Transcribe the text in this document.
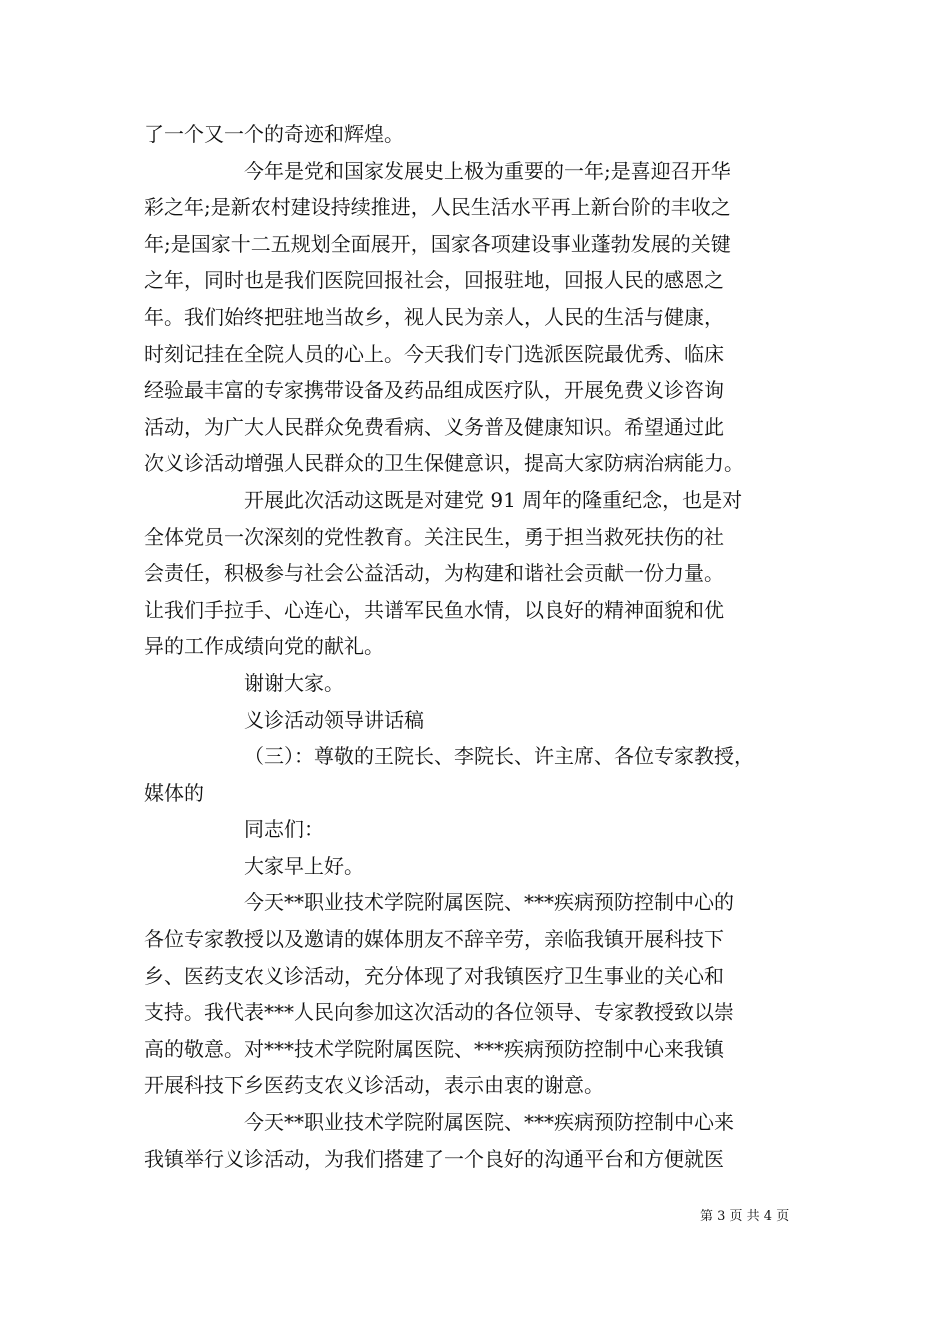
了一个又一个的奇迹和辉煌。
今年是党和国家发展史上极为重要的一年;是喜迎召开华
彩之年;是新农村建设持续推进，人民生活水平再上新台阶的丰收之
年;是国家十二五规划全面展开，国家各项建设事业蓬勃发展的关键
之年，同时也是我们医院回报社会，回报驻地，回报人民的感恩之
年。我们始终把驻地当故乡，视人民为亲人，人民的生活与健康，
时刻记挂在全院人员的心上。今天我们专门选派医院最优秀、临床
经验最丰富的专家携带设备及药品组成医疗队，开展免费义诊咨询
活动，为广大人民群众免费看病、义务普及健康知识。希望通过此
次义诊活动增强人民群众的卫生保健意识，提高大家防病治病能力。
开展此次活动这既是对建党 91 周年的隆重纪念，也是对
全体党员一次深刻的党性教育。关注民生，勇于担当救死扶伤的社
会责任，积极参与社会公益活动，为构建和谐社会贡献一份力量。
让我们手拉手、心连心，共谱军民鱼水情，以良好的精神面貌和优
异的工作成绩向党的献礼。
谢谢大家。
义诊活动领导讲话稿
（三）：尊敬的王院长、李院长、许主席、各位专家教授，
媒体的
同志们：
大家早上好。
今天**职业技术学院附属医院、***疾病预防控制中心的
各位专家教授以及邀请的媒体朋友不辞辛劳，亲临我镇开展科技下
乡、医药支农义诊活动，充分体现了对我镇医疗卫生事业的关心和
支持。我代表***人民向参加这次活动的各位领导、专家教授致以崇
高的敬意。对***技术学院附属医院、***疾病预防控制中心来我镇
开展科技下乡医药支农义诊活动，表示由衷的谢意。
今天**职业技术学院附属医院、***疾病预防控制中心来
我镇举行义诊活动，为我们搭建了一个良好的沟通平台和方便就医
第 3 页 共 4 页
